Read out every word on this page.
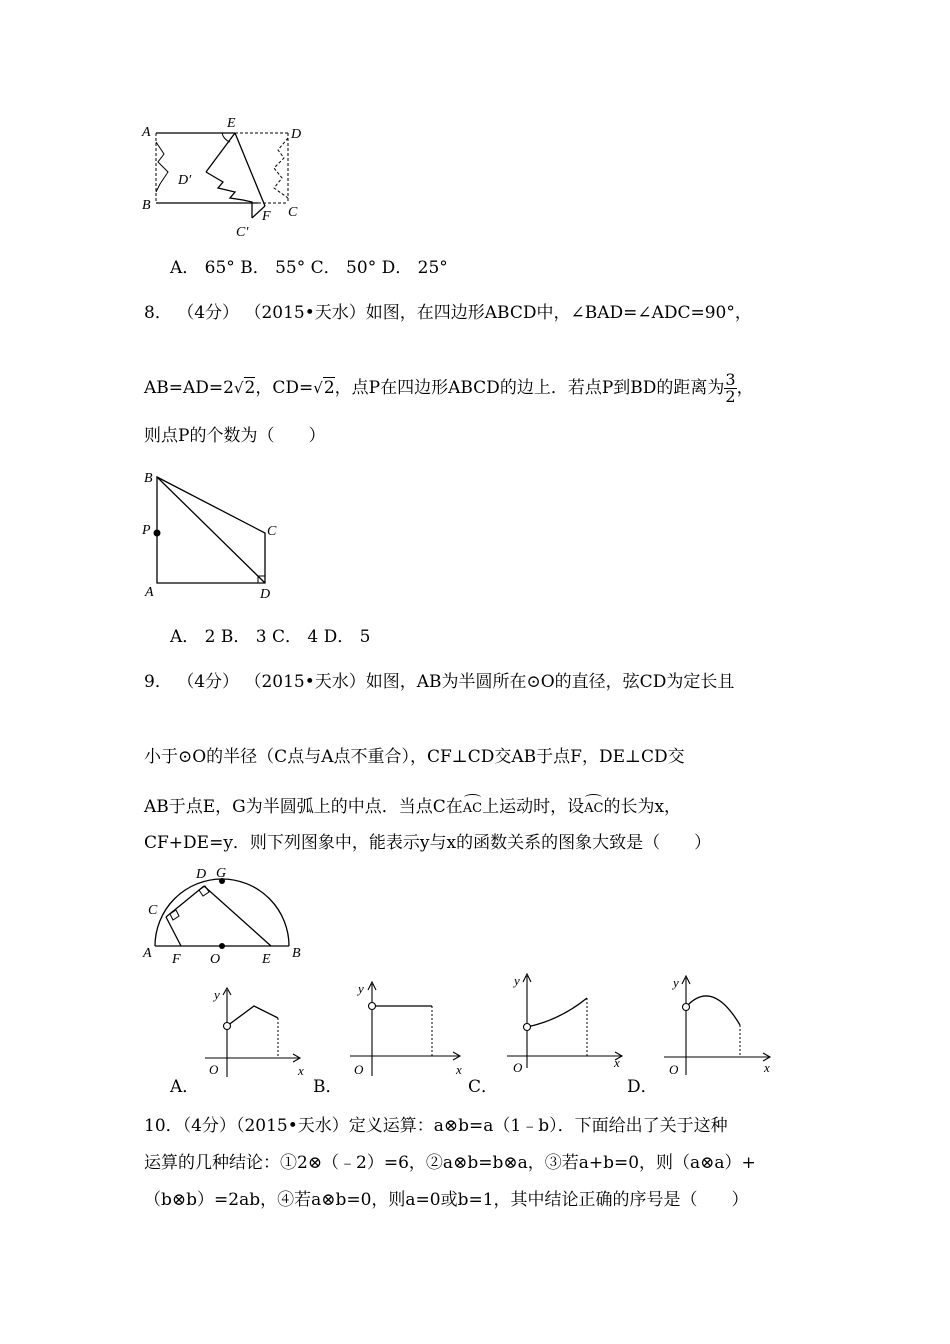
A
E
D
B	C
F
D′
C′
A． 65° B． 55° C． 50° D． 25°
8． （4分） （2015•天水）如图，在四边形ABCD中，∠BAD=∠ADC=90°，
AB=AD=2√2，CD=√2，点P在四边形ABCD的边上．若点P到BD的距离为 $\frac{3}{2}$ ，
则点P的个数为（　　）
B
P	C
A	D
A． 2 B． 3 C． 4 D． 5
9． （4分） （2015•天水）如图，AB为半圆所在⊙O的直径，弦CD为定长且
小于⊙O的半径（C点与A点不重合），CF⊥CD交AB于点F，DE⊥CD交
AB于点E，G为半圆弧上的中点．当点C在AC上运动时，设AC的长为x，
CF+DE=y．则下列图象中，能表示y与x的函数关系的图象大致是（　　）
D G
C
A F O	E B
y
x
O
A．
y
x
O
B．
y
x
O
C．
y
x
O
D．
10．（4分）（2015•天水）定义运算：a⊗b=a（1﹣b）．下面给出了关于这种
运算的几种结论：①2⊗（﹣2）=6，②a⊗b=b⊗a，③若a+b=0，则（a⊗a）+
（b⊗b）=2ab，④若a⊗b=0，则a=0或b=1，其中结论正确的序号是（　　）
